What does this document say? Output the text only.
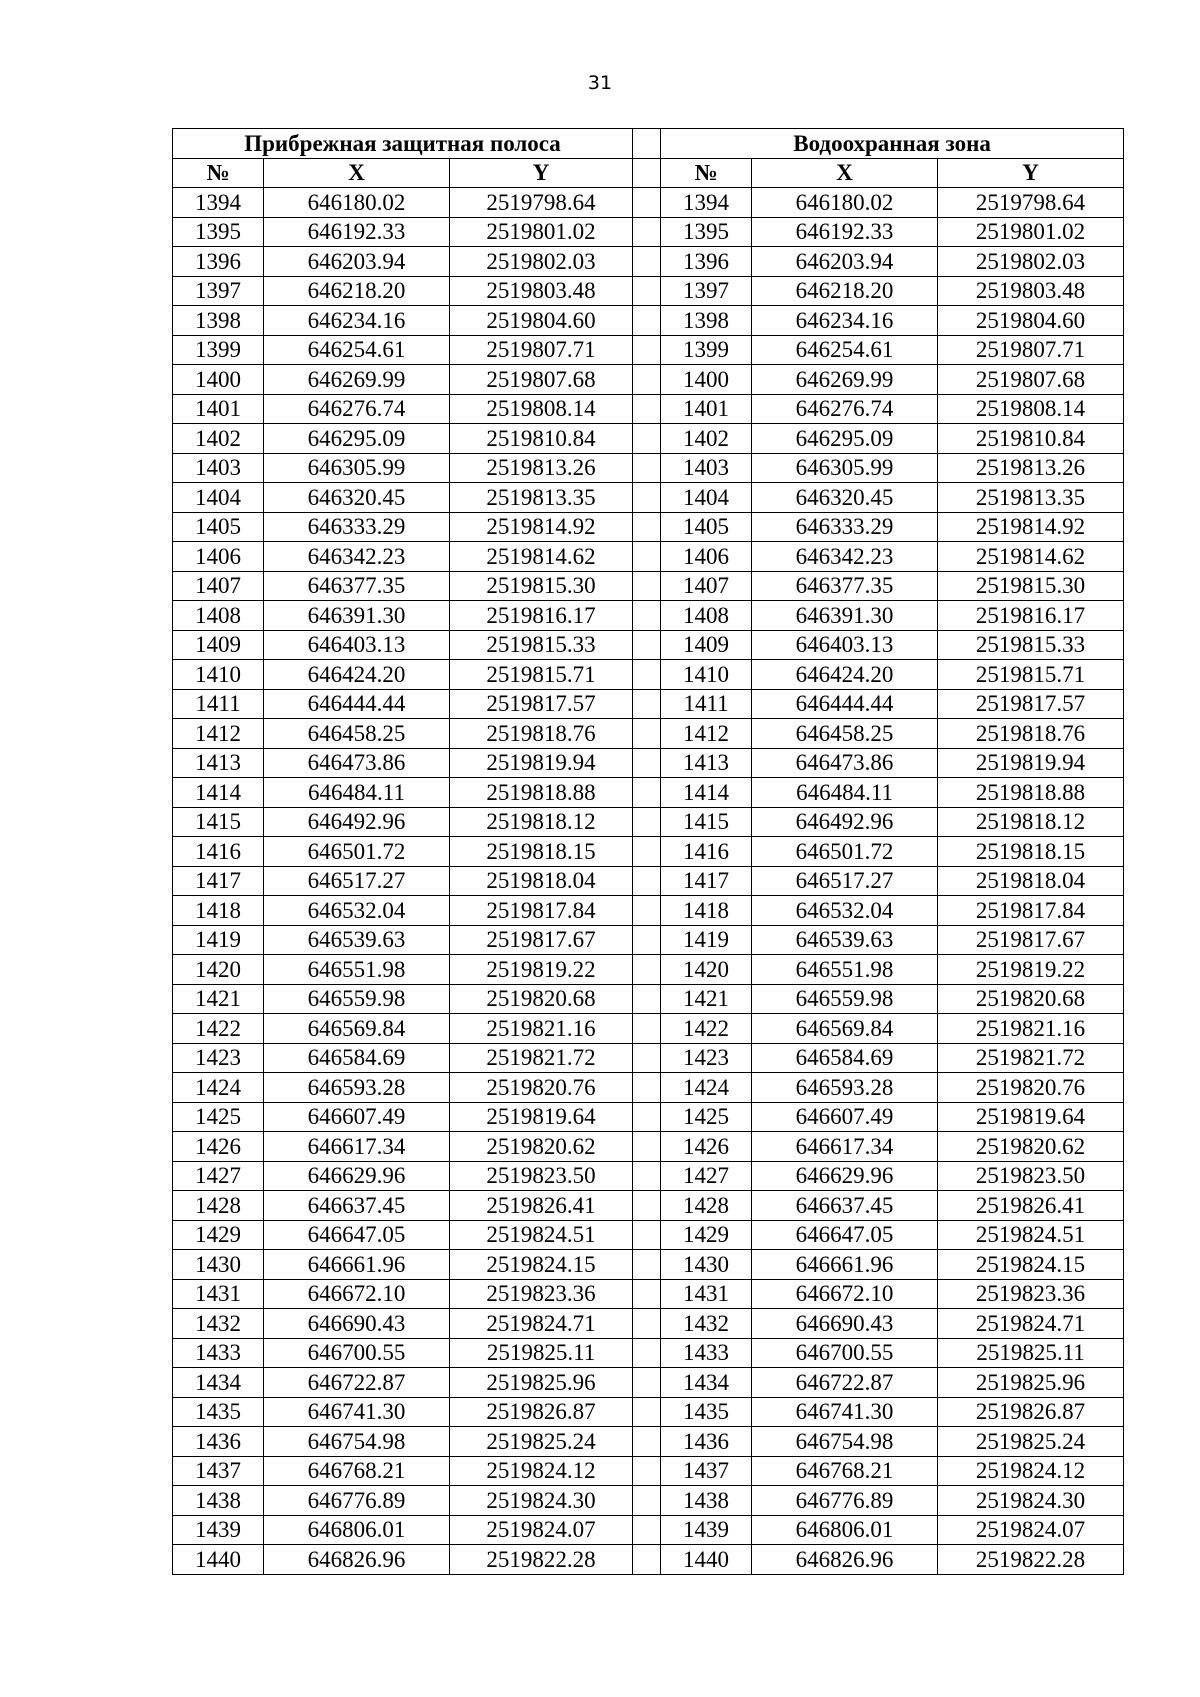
31
Прибрежная защитная полоса				Водоохранная зона		
№	X	Y		№	X	Y
1394	646180.02	2519798.64		1394	646180.02	2519798.64
1395	646192.33	2519801.02		1395	646192.33	2519801.02
1396	646203.94	2519802.03		1396	646203.94	2519802.03
1397	646218.20	2519803.48		1397	646218.20	2519803.48
1398	646234.16	2519804.60		1398	646234.16	2519804.60
1399	646254.61	2519807.71		1399	646254.61	2519807.71
1400	646269.99	2519807.68		1400	646269.99	2519807.68
1401	646276.74	2519808.14		1401	646276.74	2519808.14
1402	646295.09	2519810.84		1402	646295.09	2519810.84
1403	646305.99	2519813.26		1403	646305.99	2519813.26
1404	646320.45	2519813.35		1404	646320.45	2519813.35
1405	646333.29	2519814.92		1405	646333.29	2519814.92
1406	646342.23	2519814.62		1406	646342.23	2519814.62
1407	646377.35	2519815.30		1407	646377.35	2519815.30
1408	646391.30	2519816.17		1408	646391.30	2519816.17
1409	646403.13	2519815.33		1409	646403.13	2519815.33
1410	646424.20	2519815.71		1410	646424.20	2519815.71
1411	646444.44	2519817.57		1411	646444.44	2519817.57
1412	646458.25	2519818.76		1412	646458.25	2519818.76
1413	646473.86	2519819.94		1413	646473.86	2519819.94
1414	646484.11	2519818.88		1414	646484.11	2519818.88
1415	646492.96	2519818.12		1415	646492.96	2519818.12
1416	646501.72	2519818.15		1416	646501.72	2519818.15
1417	646517.27	2519818.04		1417	646517.27	2519818.04
1418	646532.04	2519817.84		1418	646532.04	2519817.84
1419	646539.63	2519817.67		1419	646539.63	2519817.67
1420	646551.98	2519819.22		1420	646551.98	2519819.22
1421	646559.98	2519820.68		1421	646559.98	2519820.68
1422	646569.84	2519821.16		1422	646569.84	2519821.16
1423	646584.69	2519821.72		1423	646584.69	2519821.72
1424	646593.28	2519820.76		1424	646593.28	2519820.76
1425	646607.49	2519819.64		1425	646607.49	2519819.64
1426	646617.34	2519820.62		1426	646617.34	2519820.62
1427	646629.96	2519823.50		1427	646629.96	2519823.50
1428	646637.45	2519826.41		1428	646637.45	2519826.41
1429	646647.05	2519824.51		1429	646647.05	2519824.51
1430	646661.96	2519824.15		1430	646661.96	2519824.15
1431	646672.10	2519823.36		1431	646672.10	2519823.36
1432	646690.43	2519824.71		1432	646690.43	2519824.71
1433	646700.55	2519825.11		1433	646700.55	2519825.11
1434	646722.87	2519825.96		1434	646722.87	2519825.96
1435	646741.30	2519826.87		1435	646741.30	2519826.87
1436	646754.98	2519825.24		1436	646754.98	2519825.24
1437	646768.21	2519824.12		1437	646768.21	2519824.12
1438	646776.89	2519824.30		1438	646776.89	2519824.30
1439	646806.01	2519824.07		1439	646806.01	2519824.07
1440	646826.96	2519822.28		1440	646826.96	2519822.28
